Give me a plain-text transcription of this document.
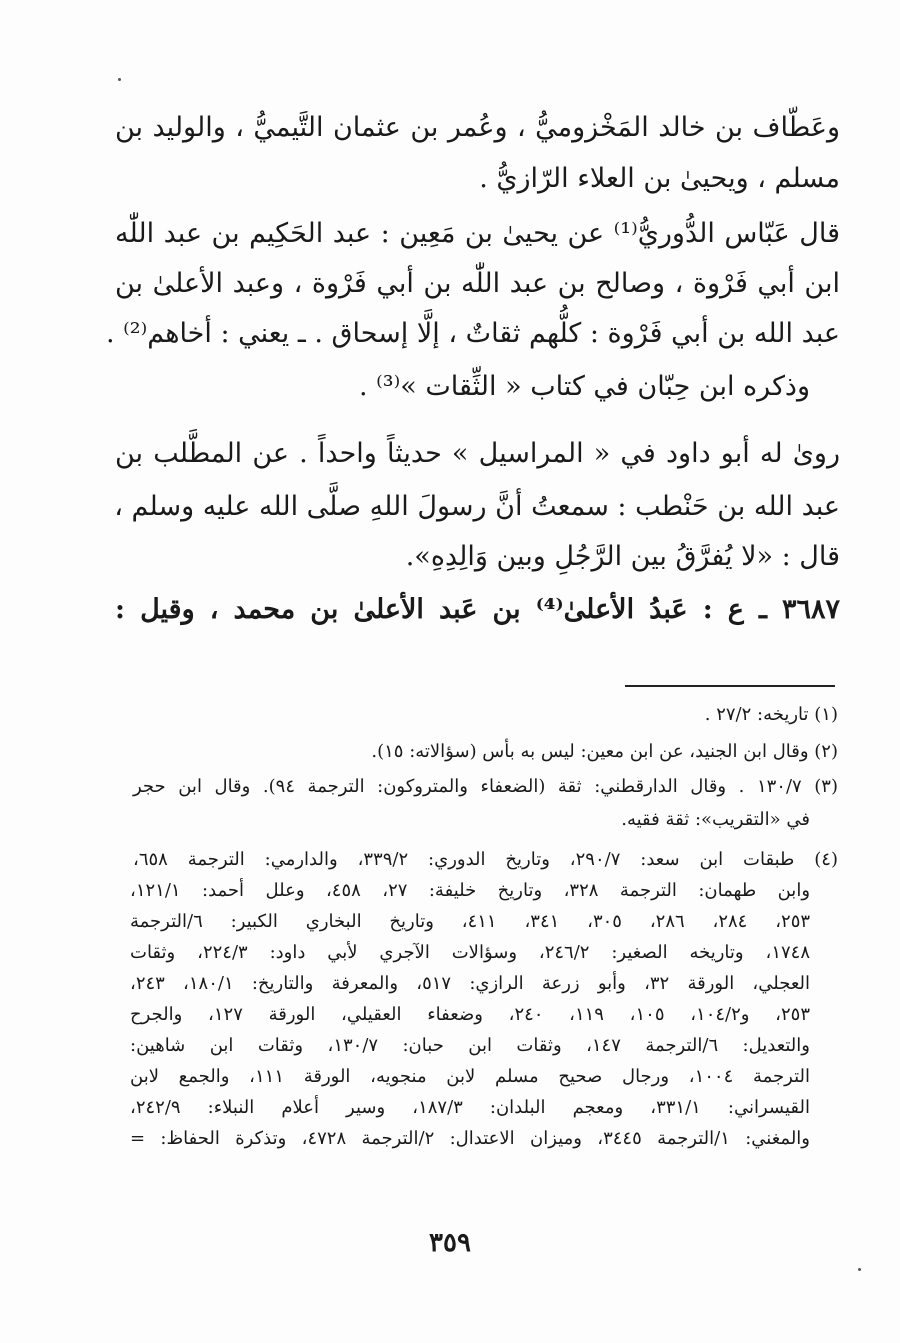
وعَطّاف بن خالد المَخْزوميُّ ، وعُمر بن عثمان التَّيميُّ ، والوليد بن
مسلم ، ويحيىٰ بن العلاء الرّازيُّ .
قال عَبّاس الدُّوريُّ⁽¹⁾ عن يحيىٰ بن مَعِين : عبد الحَكِيم بن عبد اللّٰه
ابن أبي فَرْوة ، وصالح بن عبد اللّٰه بن أبي فَرْوة ، وعبد الأعلىٰ بن
عبد الله بن أبي فَرْوة : كلُّهم ثقاتٌ ، إلَّا إسحاق . ـ يعني : أخاهم⁽²⁾ .
وذكره ابن حِبّان في كتاب « الثِّقات »⁽³⁾ .
روىٰ له أبو داود في « المراسيل » حديثاً واحداً . عن المطَّلب بن
عبد الله بن حَنْطب : سمعتُ أنَّ رسولَ اللهِ صلَّى الله عليه وسلم ،
قال : «لا يُفرَّقُ بين الرَّجُلِ وبين وَالِدِهِ».
٣٦٨٧ ـ ع : عَبدُ الأعلىٰ⁽⁴⁾ بن عَبد الأعلىٰ بن محمد ، وقيل :
(١) تاريخه: ٢٧/٢ .
(٢) وقال ابن الجنيد، عن ابن معين: ليس به بأس (سؤالاته: ١٥).
(٣) ١٣٠/٧ . وقال الدارقطني: ثقة (الضعفاء والمتروكون: الترجمة ٩٤). وقال ابن حجر
في «التقريب»: ثقة فقيه.
(٤) طبقات ابن سعد: ٢٩٠/٧، وتاريخ الدوري: ٣٣٩/٢، والدارمي: الترجمة ٦٥٨،
وابن طهمان: الترجمة ٣٢٨، وتاريخ خليفة: ٢٧، ٤٥٨، وعلل أحمد: ١٢١/١،
٢٥٣، ٢٨٤، ٢٨٦، ٣٠٥، ٣٤١، ٤١١، وتاريخ البخاري الكبير: ٦/الترجمة
١٧٤٨، وتاريخه الصغير: ٢٤٦/٢، وسؤالات الآجري لأبي داود: ٢٢٤/٣، وثقات
العجلي، الورقة ٣٢، وأبو زرعة الرازي: ٥١٧، والمعرفة والتاريخ: ١٨٠/١، ٢٤٣،
٢٥٣، و١٠٤/٢، ١٠٥، ١١٩، ٢٤٠، وضعفاء العقيلي، الورقة ١٢٧، والجرح
والتعديل: ٦/الترجمة ١٤٧، وثقات ابن حبان: ١٣٠/٧، وثقات ابن شاهين:
الترجمة ١٠٠٤، ورجال صحيح مسلم لابن منجويه، الورقة ١١١، والجمع لابن
القيسراني: ٣٣١/١، ومعجم البلدان: ١٨٧/٣، وسير أعلام النبلاء: ٢٤٢/٩،
والمغني: ١/الترجمة ٣٤٤٥، وميزان الاعتدال: ٢/الترجمة ٤٧٢٨، وتذكرة الحفاظ: =
٣٥٩
